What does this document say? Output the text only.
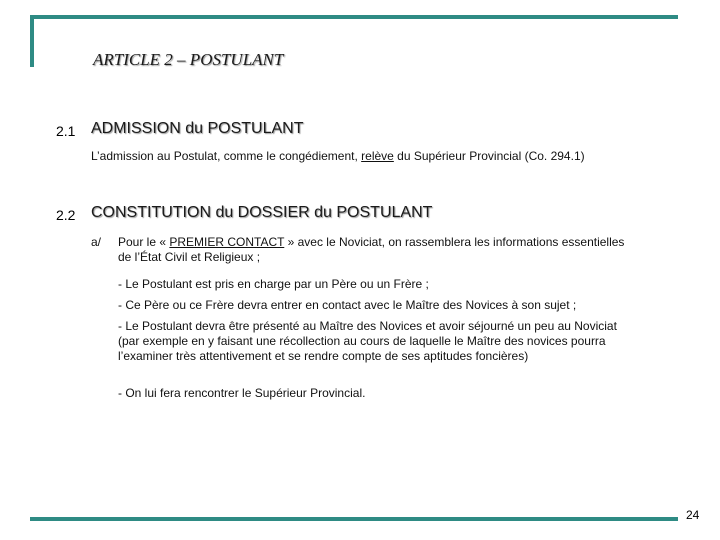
ARTICLE 2 – POSTULANT
2.1 ADMISSION du POSTULANT
L’admission au Postulat, comme le congédiement, relève du Supérieur Provincial (Co. 294.1)
2.2 CONSTITUTION du DOSSIER du POSTULANT
a/ Pour le « PREMIER CONTACT » avec le Noviciat, on rassemblera les informations essentielles de l’État Civil et Religieux ;
- Le Postulant est pris en charge par un Père ou un Frère ;
- Ce Père ou ce Frère devra entrer en contact avec le Maître des Novices à son sujet ;
- Le Postulant devra être présenté au Maître des Novices et avoir séjourné un peu au Noviciat (par exemple en y faisant une récollection au cours de laquelle le Maître des novices pourra l’examiner très attentivement et se rendre compte de ses aptitudes foncières)
- On lui fera rencontrer le Supérieur Provincial.
24
